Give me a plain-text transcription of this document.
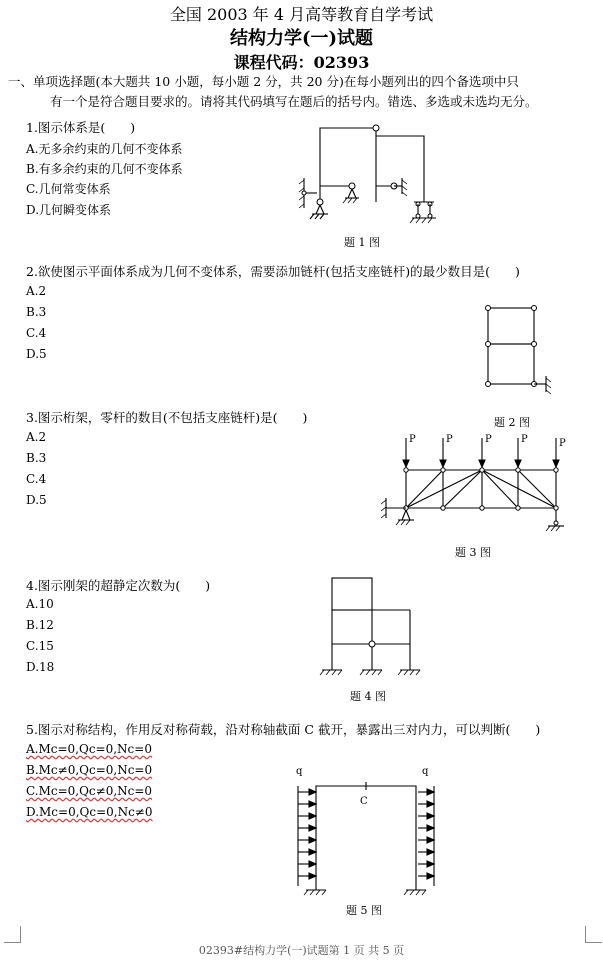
全国 2003 年 4 月高等教育自学考试
结构力学(一)试题
课程代码：02393
一、单项选择题(本大题共 10 小题，每小题 2 分，共 20 分)在每小题列出的四个备选项中只
有一个是符合题目要求的。请将其代码填写在题后的括号内。错选、多选或未选均无分。
1.图示体系是(　　)
A.无多余约束的几何不变体系
B.有多余约束的几何不变体系
C.几何常变体系
D.几何瞬变体系
题 1 图
2.欲使图示平面体系成为几何不变体系，需要添加链杆(包括支座链杆)的最少数目是(　　)
A.2
B.3
C.4
D.5
题 2 图
3.图示桁架，零杆的数目(不包括支座链杆)是(　　)
A.2
B.3
C.4
D.5
P	P	P	P	P
题 3 图
4.图示刚架的超静定次数为(　　)
A.10
B.12
C.15
D.18
题 4 图
5.图示对称结构，作用反对称荷载，沿对称轴截面 C 截开，暴露出三对内力，可以判断(　　)
A.Mc=0,Qc=0,Nc=0
B.Mc≠0,Qc=0,Nc=0
C.Mc=0,Qc≠0,Nc=0
D.Mc=0,Qc=0,Nc≠0
q	q
C
题 5 图
02393#结构力学(一)试题第 1 页 共 5 页
